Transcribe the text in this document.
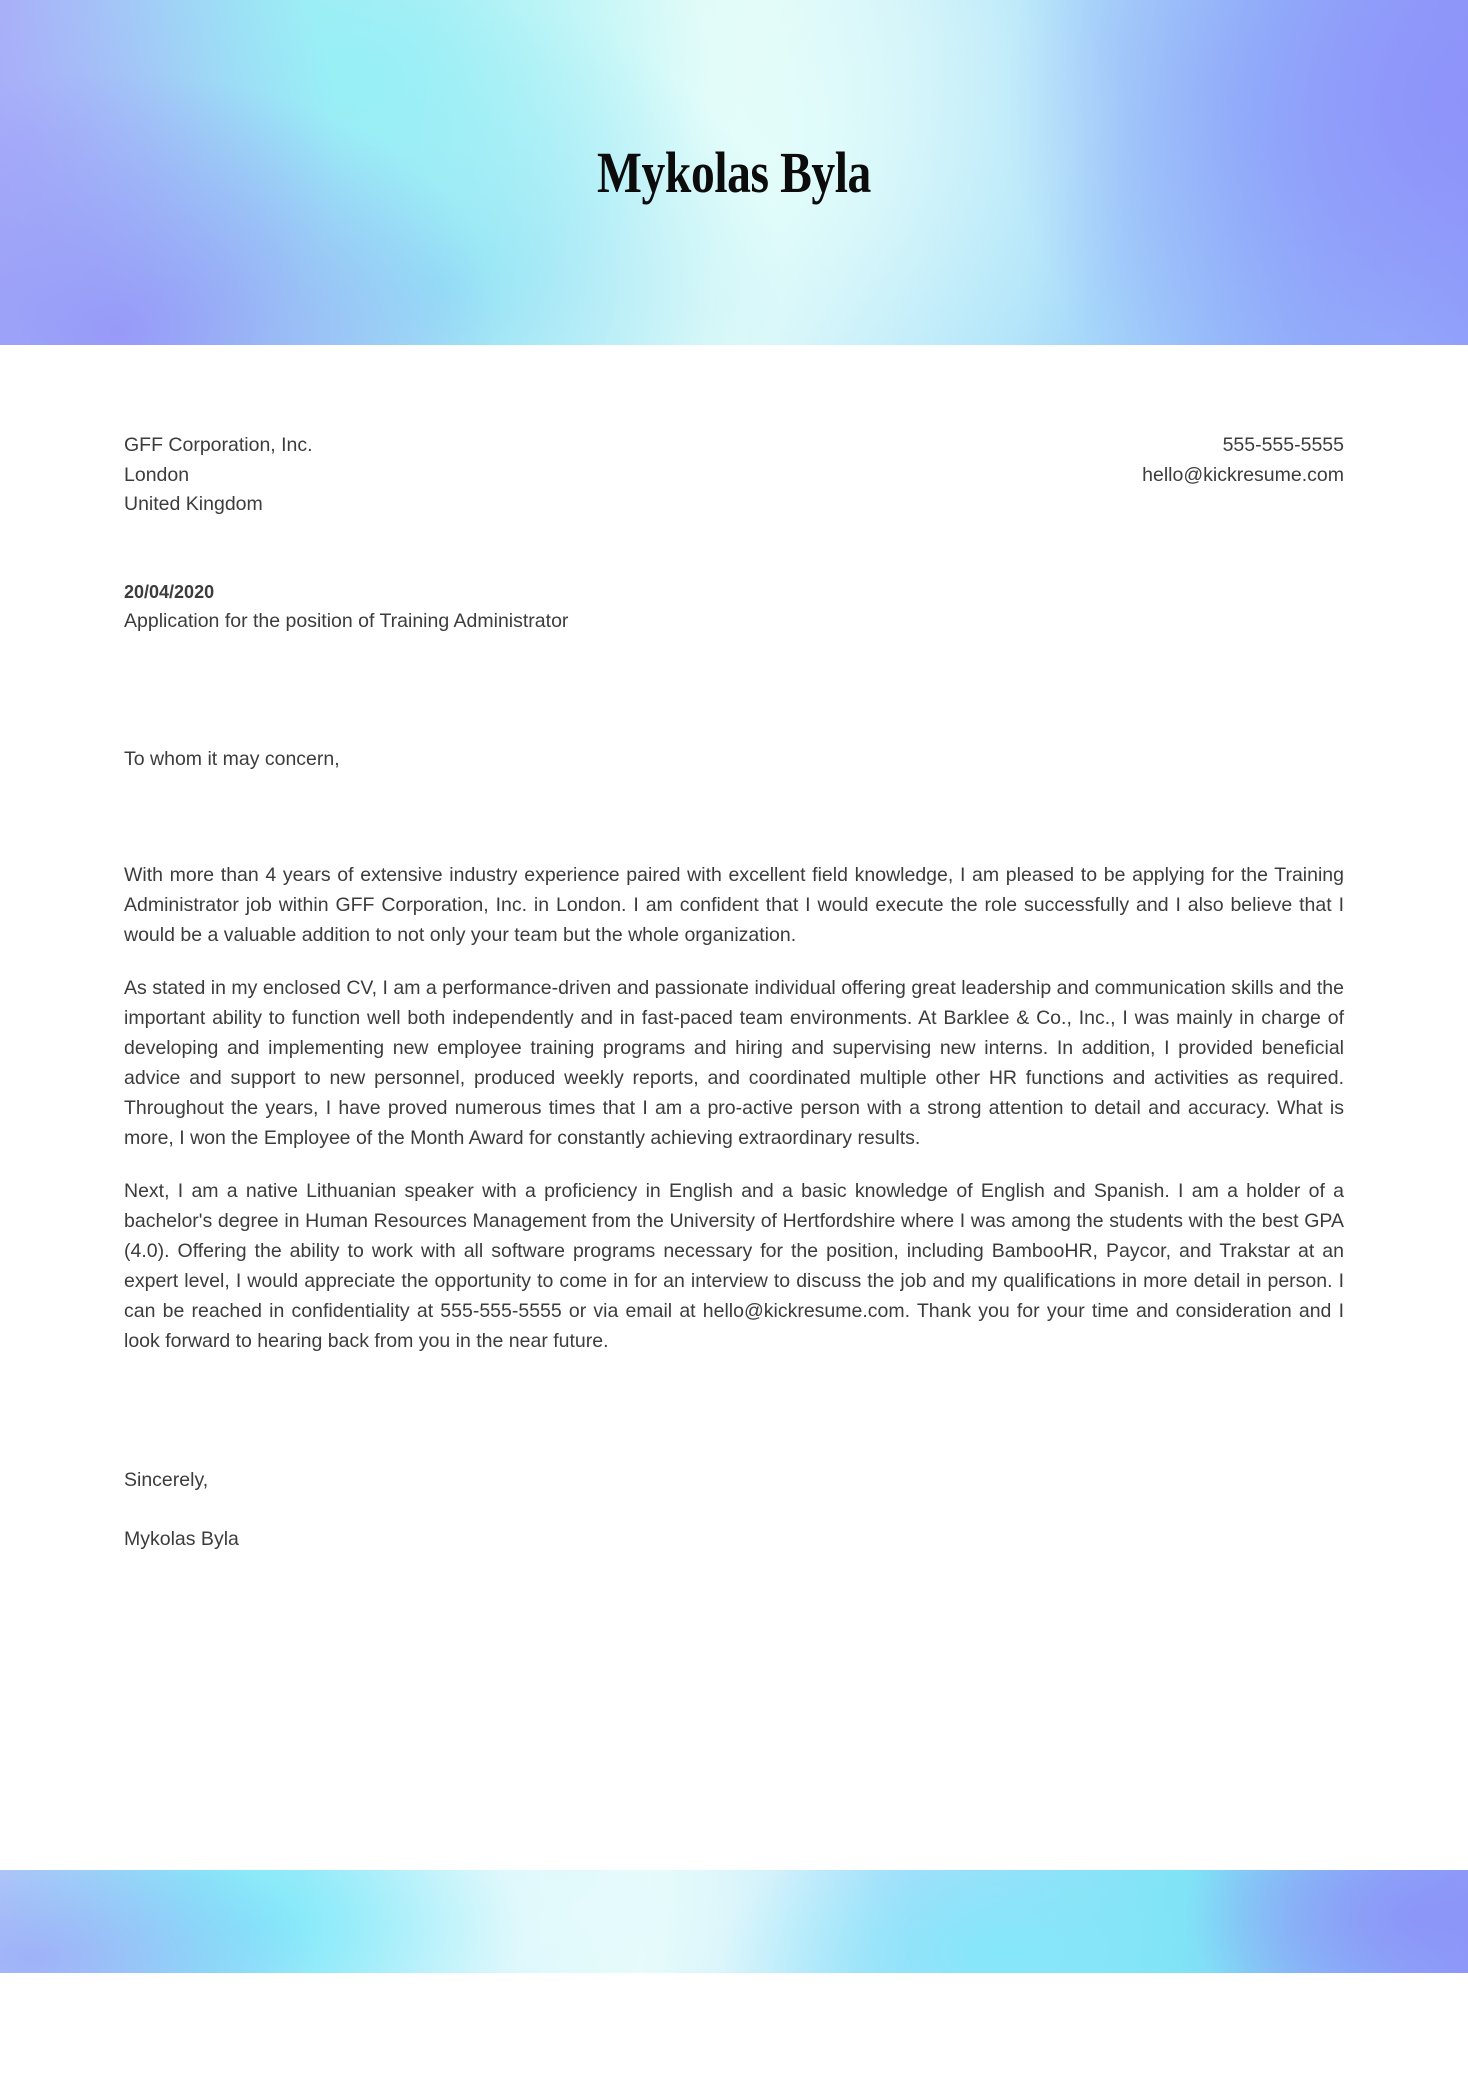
Mykolas Byla
GFF Corporation, Inc.
London
United Kingdom
555-555-5555
hello@kickresume.com
20/04/2020
Application for the position of Training Administrator
To whom it may concern,

With more than 4 years of extensive industry experience paired with excellent field knowledge, I am pleased to be applying for the Training Administrator job within GFF Corporation, Inc. in London. I am confident that I would execute the role successfully and I also believe that I would be a valuable addition to not only your team but the whole organization.

As stated in my enclosed CV, I am a performance-driven and passionate individual offering great leadership and communication skills and the important ability to function well both independently and in fast-paced team environments. At Barklee & Co., Inc., I was mainly in charge of developing and implementing new employee training programs and hiring and supervising new interns. In addition, I provided beneficial advice and support to new personnel, produced weekly reports, and coordinated multiple other HR functions and activities as required. Throughout the years, I have proved numerous times that I am a pro-active person with a strong attention to detail and accuracy. What is more, I won the Employee of the Month Award for constantly achieving extraordinary results.

Next, I am a native Lithuanian speaker with a proficiency in English and a basic knowledge of English and Spanish. I am a holder of a bachelor's degree in Human Resources Management from the University of Hertfordshire where I was among the students with the best GPA (4.0). Offering the ability to work with all software programs necessary for the position, including BambooHR, Paycor, and Trakstar at an expert level, I would appreciate the opportunity to come in for an interview to discuss the job and my qualifications in more detail in person. I can be reached in confidentiality at 555-555-5555 or via email at hello@kickresume.com. Thank you for your time and consideration and I look forward to hearing back from you in the near future.

Sincerely,
Mykolas Byla
